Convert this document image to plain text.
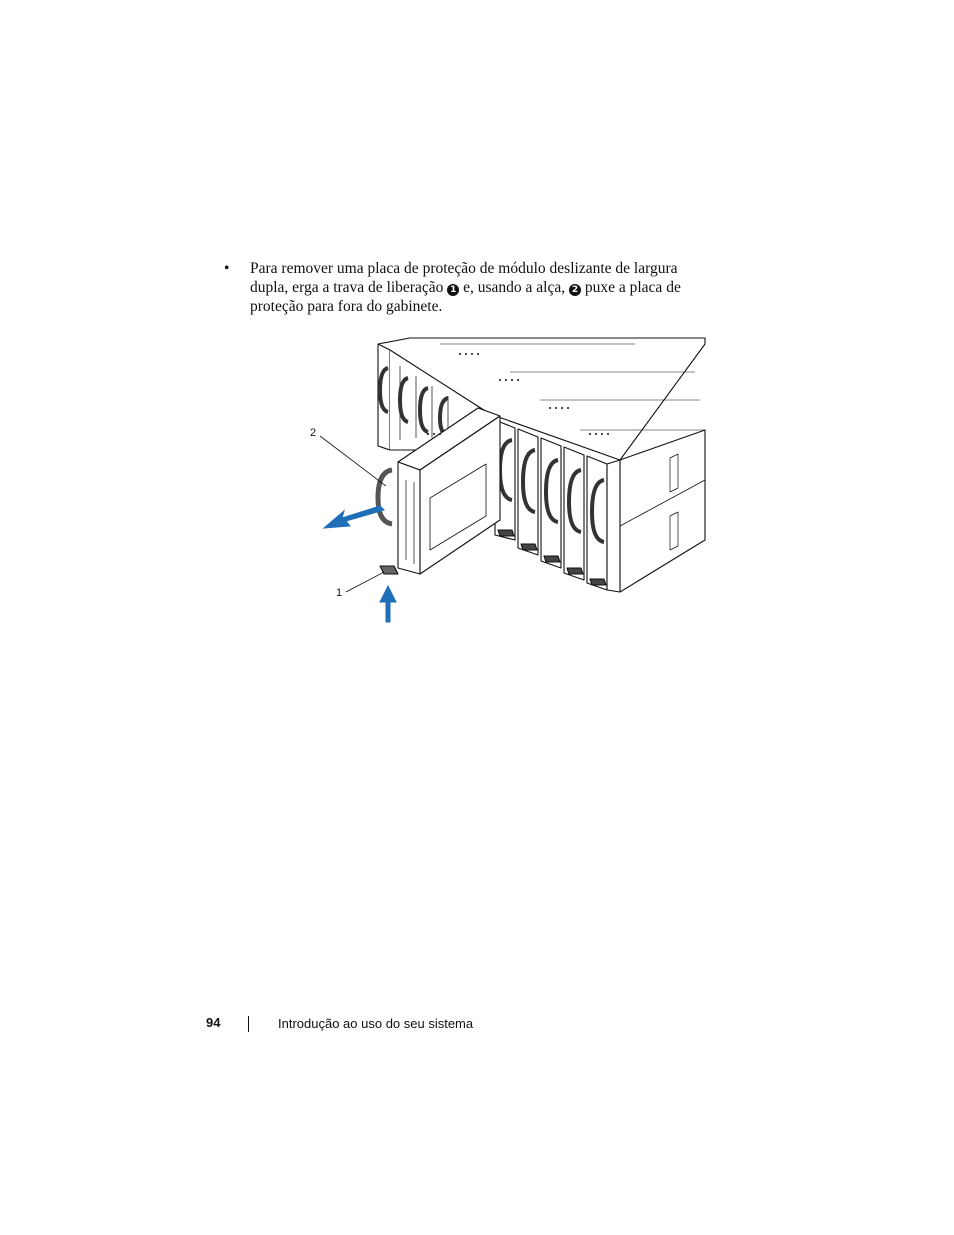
• Para remover uma placa de proteção de módulo deslizante de largura dupla, erga a trava de liberação 1 e, usando a alça, 2 puxe a placa de proteção para fora do gabinete.
2
1
94	Introdução ao uso do seu sistema
